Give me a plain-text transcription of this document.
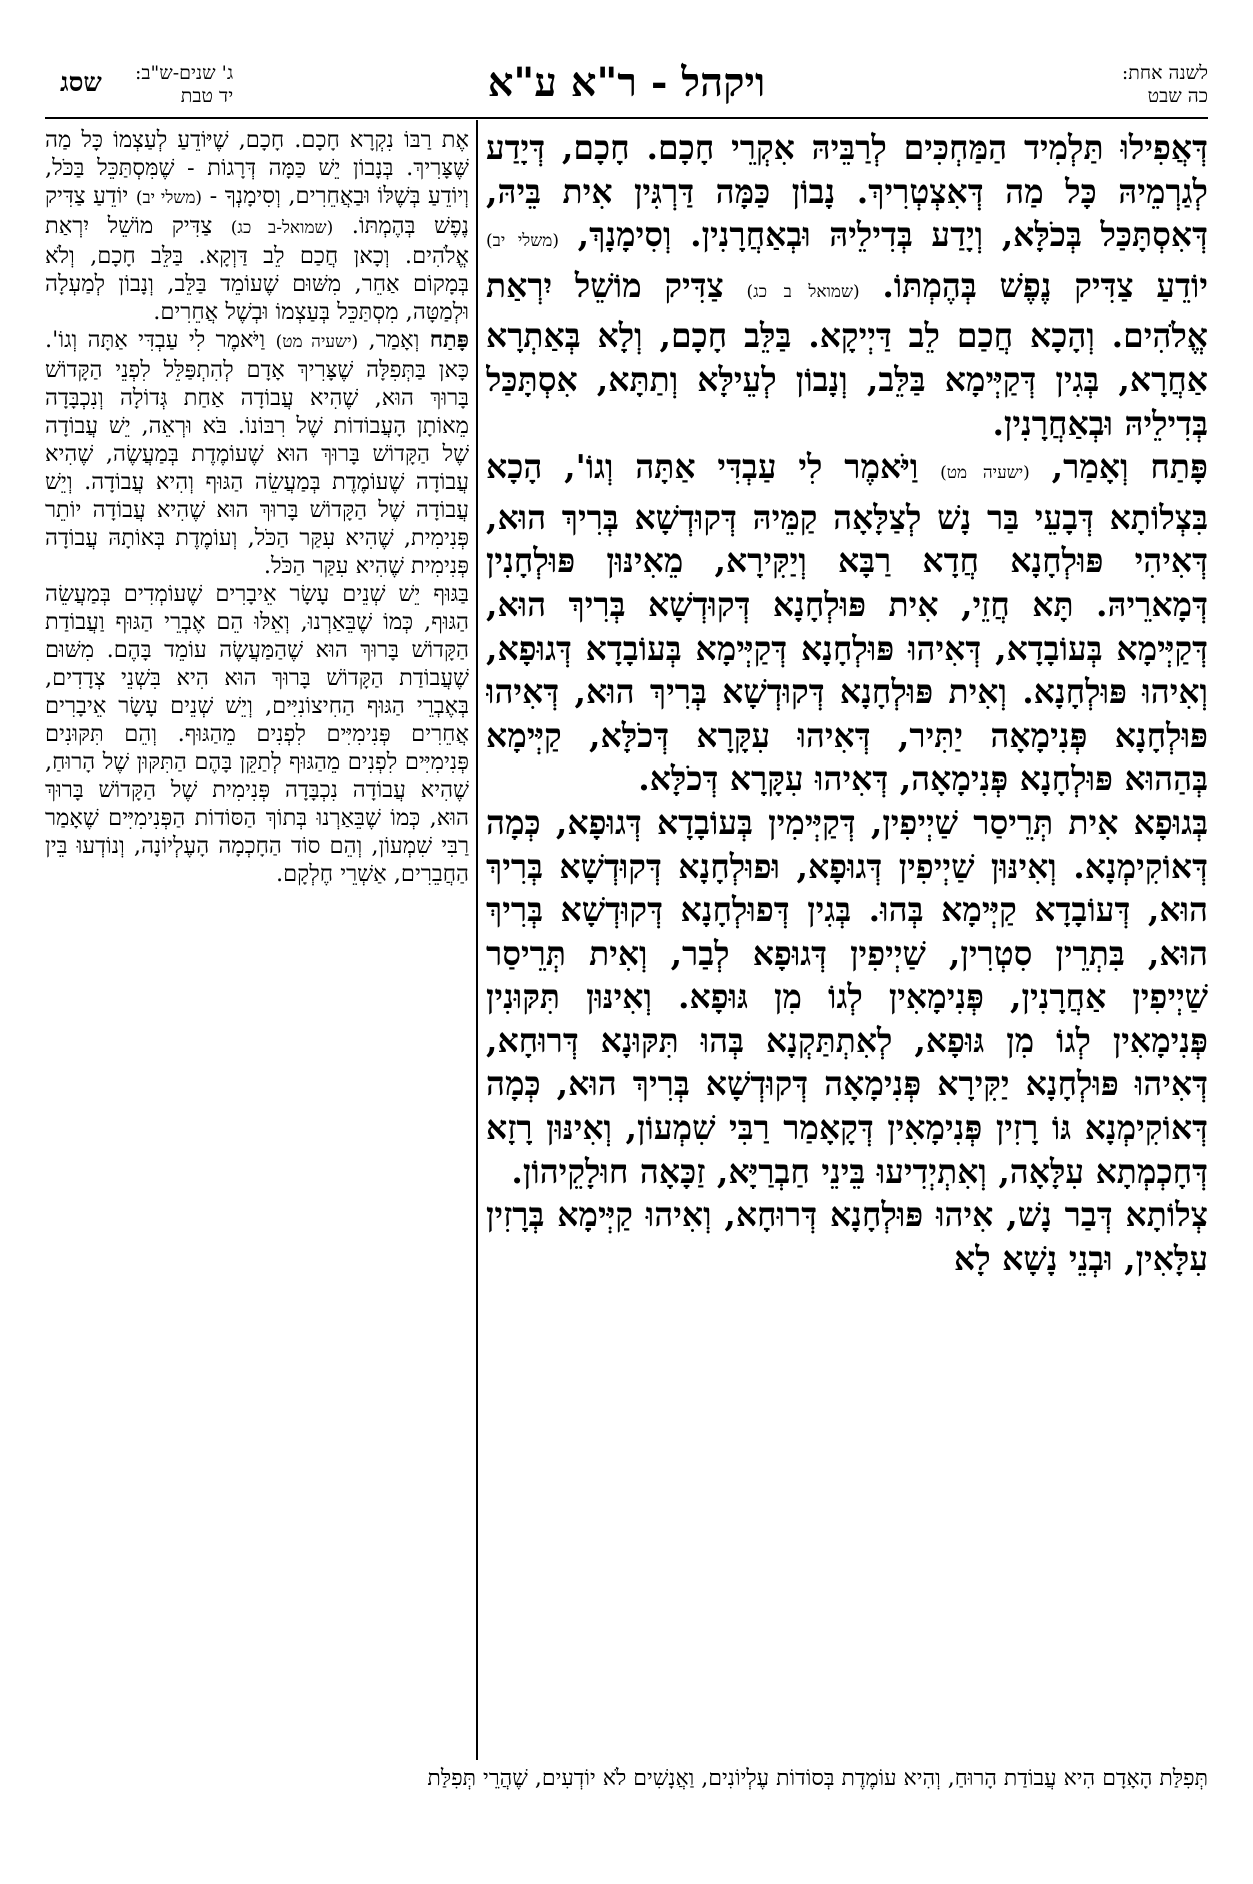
לשנה אחת:
כה שבט
ויקהל - ר"א ע"א
ג' שנים-ש"ב:
יד טבת
שסג

דְּאֲפִילוּ תַּלְמִיד הַמַּחְכִּים לְרַבֵּיהּ אִקְרֵי חָכָם. חָכָם, דְּיָדַע לְגַרְמֵיהּ כָּל מַה דְּאִצְטְרִיךְ. נָבוֹן כַּמָּה דַּרְגִּין אִית בֵּיהּ, דְּאִסְתָּכַּל בְּכֹלָּא, וְיָדַע בְּדִילֵיהּ וּבְאַחֲרָנִין. וְסִימָנָךְ, (משלי יב) יוֹדֵעַ צַדִּיק נֶפֶשׁ בְּהֶמְתּוֹ. (שמואל ב כג) צַדִּיק מוֹשֵׁל יִרְאַת אֱלֹהִים. וְהָכָא חֲכַם לֵב דַּיְיקָא. בַּלֵּב חָכָם, וְלָא בְּאַתְרָא אַחֲרָא, בְּגִין דְּקַיְּימָא בַּלֵּב, וְנָבוֹן לְעֵילָּא וְתַתָּא, אִסְתָּכַּל בְּדִילֵיהּ וּבְאַחֲרָנִין.

פָּתַח וְאָמַר, (ישעיה מט) וַיֹּאמֶר לִי עַבְדִּי אַתָּה וְגוֹ', הָכָא בִּצְלוֹתָא דְּבָעֵי בַּר נָשׁ לְצַלָּאָה קַמֵּיהּ דְּקוּדְשָׁא בְּרִיךְ הוּא, דְּאִיהִי פּוּלְחָנָא חֲדָא רַבָּא וְיַקִּירָא, מֵאִינּוּן פּוּלְחָנִין דְּמָארֵיהּ. תָּא חֲזֵי, אִית פּוּלְחָנָא דְּקוּדְשָׁא בְּרִיךְ הוּא, דְּקַיְּימָא בְּעוֹבָדָא, דְּאִיהוּ פּוּלְחָנָא דְּקַיְּימָא בְּעוֹבָדָא דְּגוּפָא, וְאִיהוּ פּוּלְחָנָא. וְאִית פּוּלְחָנָא דְּקוּדְשָׁא בְּרִיךְ הוּא, דְּאִיהוּ פּוּלְחָנָא פְּנִימָאָה יַתִּיר, דְּאִיהוּ עִקָּרָא דְּכֹלָּא, קַיְּימָא בְּהַהוּא פּוּלְחָנָא פְּנִימָאָה, דְּאִיהוּ עִקָּרָא דְּכֹלָּא.

בְּגוּפָא אִית תְּרֵיסַר שַׁיְיפִין, דְּקַיְּימִין בְּעוֹבָדָא דְּגוּפָא, כְּמָה דְּאוֹקִימְנָא. וְאִינּוּן שַׁיְיפִין דְּגוּפָא, וּפוּלְחָנָא דְּקוּדְשָׁא בְּרִיךְ הוּא, דְּעוֹבָדָא קַיְּימָא בְּהוּ. בְּגִין דְּפוּלְחָנָא דְּקוּדְשָׁא בְּרִיךְ הוּא, בִּתְרֵין סִטְרִין, שַׁיְיפִין דְּגוּפָא לְבַר, וְאִית תְּרֵיסַר שַׁיְיפִין אַחֲרָנִין, פְּנִימָאִין לְגוֹ מִן גּוּפָא. וְאִינּוּן תִּקּוּנִין פְּנִימָאִין לְגוֹ מִן גּוּפָא, לְאִתְתַּקְנָא בְּהוּ תִּקּוּנָא דְּרוּחָא, דְּאִיהוּ פּוּלְחָנָא יַקִּירָא פְּנִימָאָה דְּקוּדְשָׁא בְּרִיךְ הוּא, כְּמָה דְּאוֹקִימְנָא גּוֹ רָזִין פְּנִימָאִין דְּקָאָמַר רַבִּי שִׁמְעוֹן, וְאִינּוּן רָזָא דְּחָכְמְתָא עִלָּאָה, וְאִתְיְדִיעוּ בֵּינֵי חַבְרַיָּא, זַכָּאָה חוּלָקֵיהוֹן.

צְלוֹתָא דְּבַר נָשׁ, אִיהוּ פּוּלְחָנָא דְּרוּחָא, וְאִיהוּ קַיְּימָא בְּרָזִין עִלָּאִין, וּבְנֵי נָשָׁא לָא

אֶת רַבּוֹ נִקְרָא חָכָם. חָכָם, שֶׁיּוֹדֵעַ לְעַצְמוֹ כָּל מַה שֶּׁצָּרִיךְ. בְּנָבוֹן יֵשׁ כַּמָּה דְּרָגוֹת - שֶׁמִּסְתַּכֵּל בַּכֹּל, וְיוֹדֵעַ בְּשֶׁלּוֹ וּבַאֲחֵרִים, וְסִימָנְךָ - (משלי יב) יוֹדֵעַ צַדִּיק נֶפֶשׁ בְּהֶמְתּוֹ. (שמואל-ב כג) צַדִּיק מוֹשֵׁל יִרְאַת אֱלֹהִים. וְכָאן חֲכַם לֵב דַּוְקָא. בַּלֵּב חָכָם, וְלֹא בְּמָקוֹם אַחֵר, מִשּׁוּם שֶׁעוֹמֵד בַּלֵּב, וְנָבוֹן לְמַעְלָה וּלְמַטָּה, מִסְתַּכֵּל בְּעַצְמוֹ וּבְשֶׁל אֲחֵרִים.

פָּתַח וְאָמַר, (ישעיה מט) וַיֹּאמֶר לִי עַבְדִּי אַתָּה וְגוֹ'. כָּאן בַּתְּפִלָּה שֶׁצָּרִיךְ אָדָם לְהִתְפַּלֵּל לִפְנֵי הַקָּדוֹשׁ בָּרוּךְ הוּא, שֶׁהִיא עֲבוֹדָה אַחַת גְּדוֹלָה וְנִכְבָּדָה מֵאוֹתָן הָעֲבוֹדוֹת שֶׁל רִבּוֹנוֹ. בֹּא וּרְאֵה, יֵשׁ עֲבוֹדָה שֶׁל הַקָּדוֹשׁ בָּרוּךְ הוּא שֶׁעוֹמֶדֶת בְּמַעֲשֶׂה, שֶׁהִיא עֲבוֹדָה שֶׁעוֹמֶדֶת בְּמַעֲשֵׂה הַגּוּף וְהִיא עֲבוֹדָה. וְיֵשׁ עֲבוֹדָה שֶׁל הַקָּדוֹשׁ בָּרוּךְ הוּא שֶׁהִיא עֲבוֹדָה יוֹתֵר פְּנִימִית, שֶׁהִיא עִקַּר הַכֹּל, וְעוֹמֶדֶת בְּאוֹתָהּ עֲבוֹדָה פְּנִימִית שֶׁהִיא עִקַּר הַכֹּל.

בַּגּוּף יֵשׁ שְׁנֵים עָשָׂר אֵיבָרִים שֶׁעוֹמְדִים בְּמַעֲשֵׂה הַגּוּף, כְּמוֹ שֶׁבֵּאַרְנוּ, וְאֵלּוּ הֵם אֶבְרֵי הַגּוּף וַעֲבוֹדַת הַקָּדוֹשׁ בָּרוּךְ הוּא שֶׁהַמַּעֲשֶׂה עוֹמֵד בָּהֶם. מִשּׁוּם שֶׁעֲבוֹדַת הַקָּדוֹשׁ בָּרוּךְ הוּא הִיא בִּשְׁנֵי צְדָדִים, בְּאֶבְרֵי הַגּוּף הַחִיצוֹנִיִּים, וְיֵשׁ שְׁנֵים עָשָׂר אֵיבָרִים אֲחֵרִים פְּנִימִיִּים לִפְנִים מֵהַגּוּף. וְהֵם תִּקּוּנִים פְּנִימִיִּים לִפְנִים מֵהַגּוּף לְתַקֵּן בָּהֶם הַתִּקּוּן שֶׁל הָרוּחַ, שֶׁהִיא עֲבוֹדָה נִכְבָּדָה פְּנִימִית שֶׁל הַקָּדוֹשׁ בָּרוּךְ הוּא, כְּמוֹ שֶׁבֵּאַרְנוּ בְּתוֹךְ הַסּוֹדוֹת הַפְּנִימִיִּים שֶׁאָמַר רַבִּי שִׁמְעוֹן, וְהֵם סוֹד הַחָכְמָה הָעֶלְיוֹנָה, וְנוֹדְעוּ בֵּין הַחֲבֵרִים, אַשְׁרֵי חֶלְקָם.

תְּפִלַּת הָאָדָם הִיא עֲבוֹדַת הָרוּחַ, וְהִיא עוֹמֶדֶת בְּסוֹדוֹת עֶלְיוֹנִים, וַאֲנָשִׁים לֹא יוֹדְעִים, שֶׁהֲרֵי תְּפִלַּת
